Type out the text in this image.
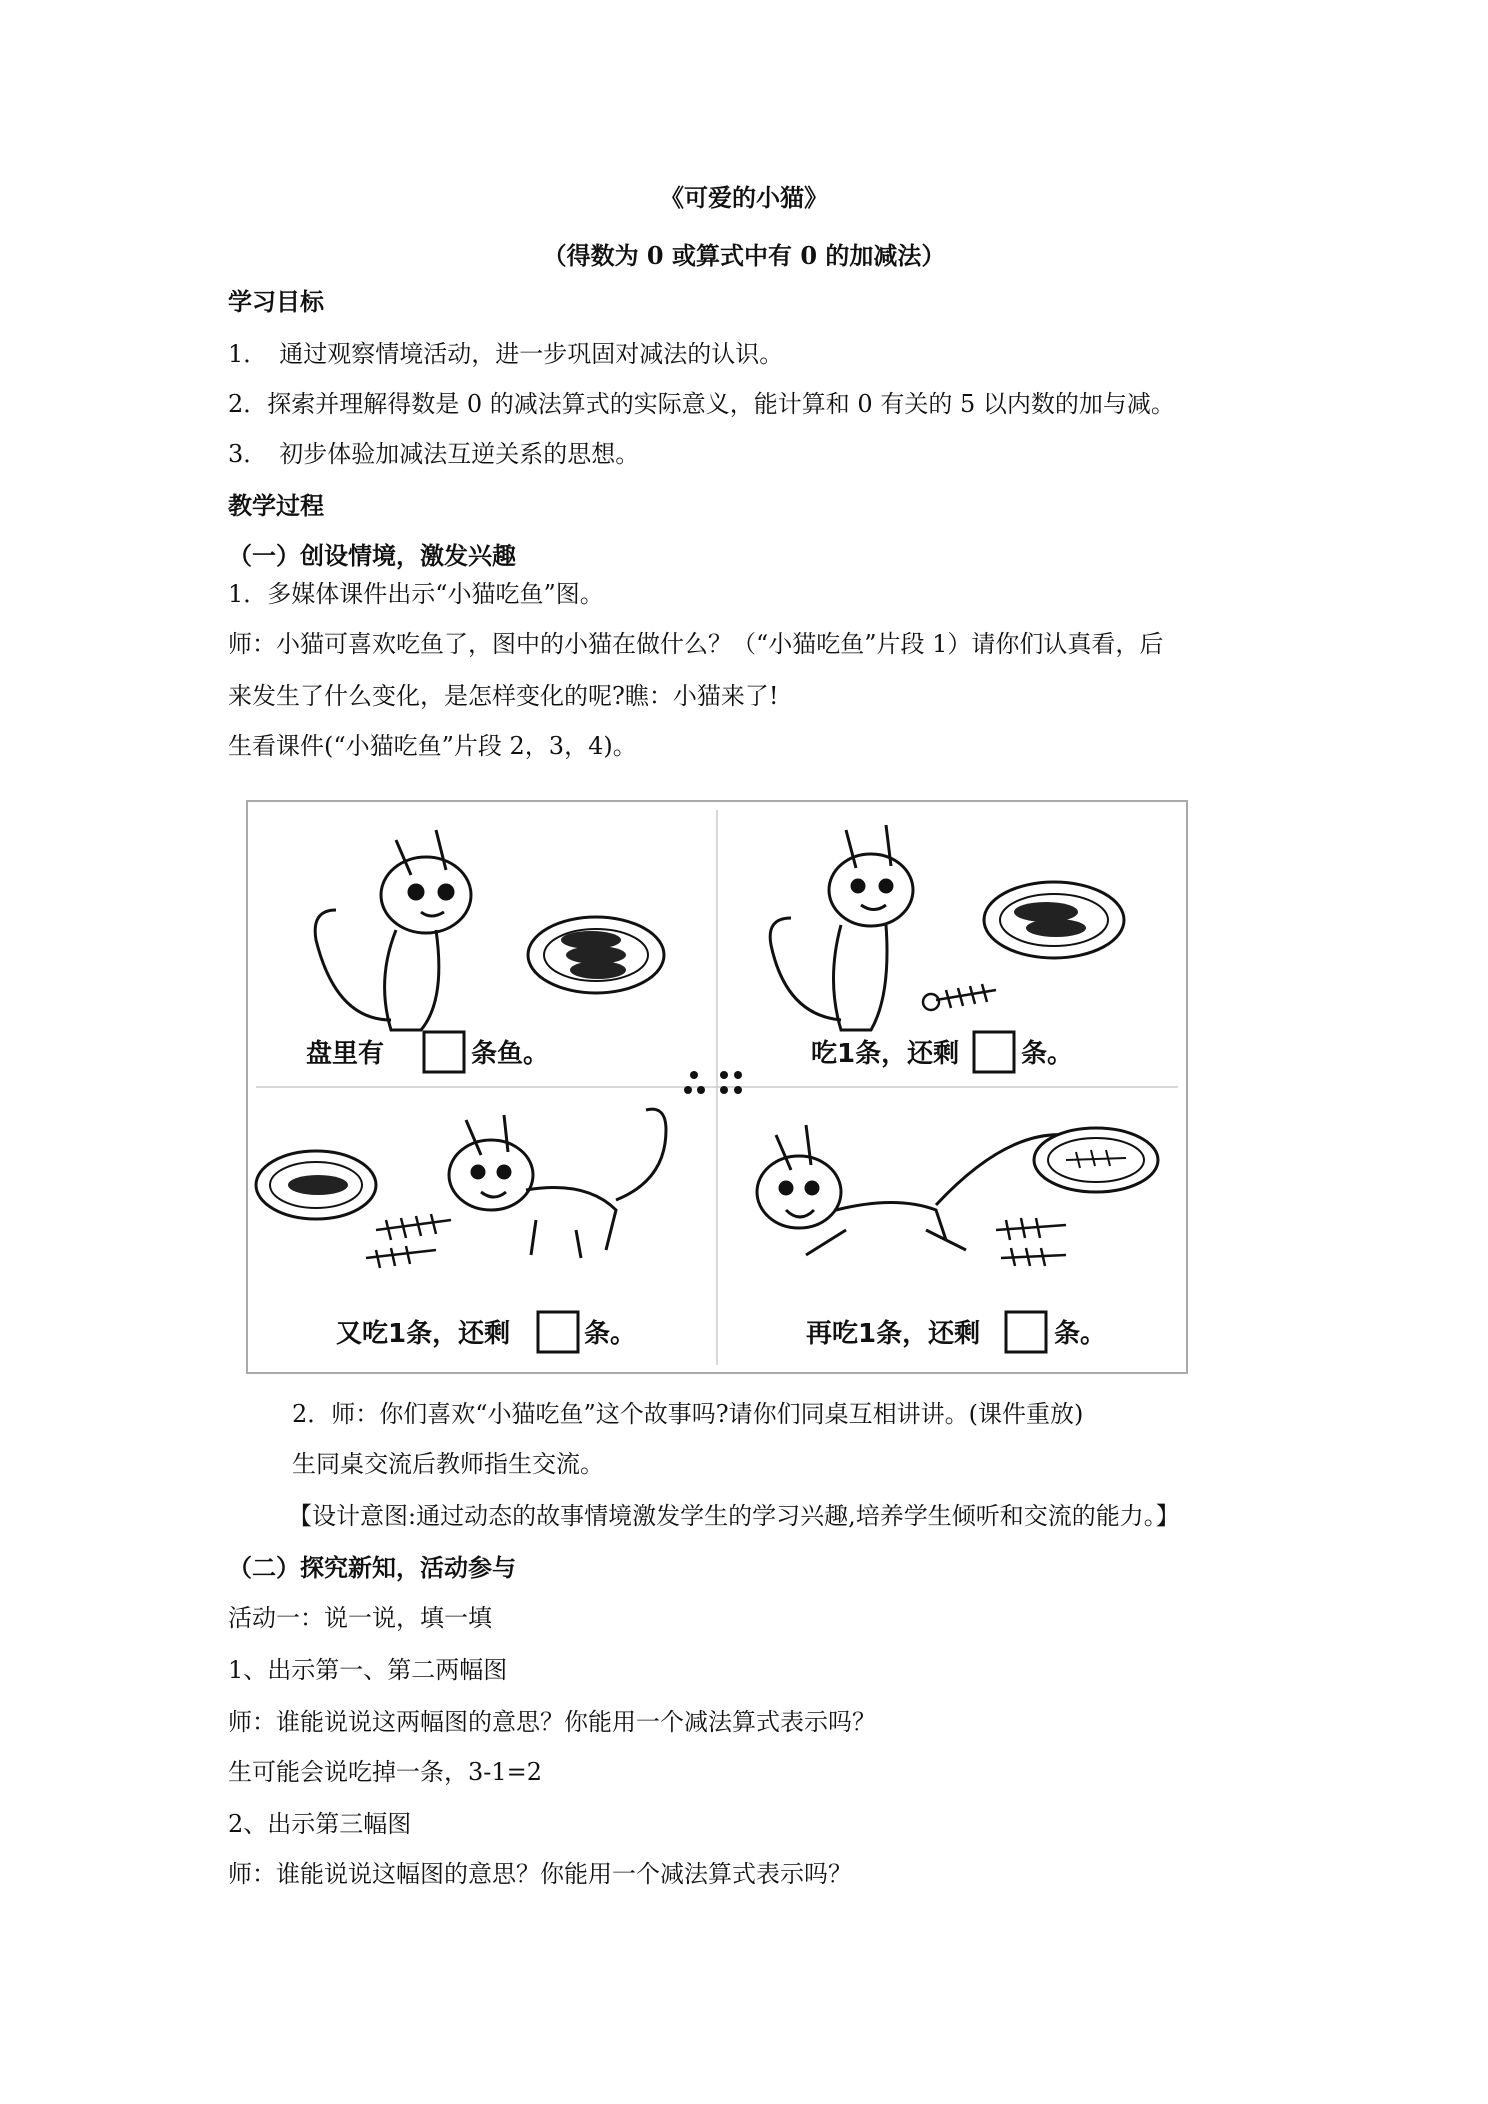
《可爱的小猫》
（得数为 0 或算式中有 0 的加减法）
学习目标
1．　通过观察情境活动，进一步巩固对减法的认识。
2．探索并理解得数是 0 的减法算式的实际意义，能计算和 0 有关的 5 以内数的加与减。
3．　初步体验加减法互逆关系的思想。
教学过程
（一）创设情境，激发兴趣
1．多媒体课件出示“小猫吃鱼”图。
师：小猫可喜欢吃鱼了，图中的小猫在做什么？（“小猫吃鱼”片段 1）请你们认真看，后
来发生了什么变化，是怎样变化的呢?瞧：小猫来了!
生看课件(“小猫吃鱼”片段 2，3，4)。
盘里有	条鱼。	吃1条，还剩 条。
又吃1条，还剩	条。	再吃1条，还剩	条。
2．师：你们喜欢“小猫吃鱼”这个故事吗?请你们同桌互相讲讲。(课件重放)
生同桌交流后教师指生交流。
【设计意图:通过动态的故事情境激发学生的学习兴趣,培养学生倾听和交流的能力。】
（二）探究新知，活动参与
活动一：说一说，填一填
1、出示第一、第二两幅图
师：谁能说说这两幅图的意思？你能用一个减法算式表示吗？
生可能会说吃掉一条，3-1=2
2、出示第三幅图
师：谁能说说这幅图的意思？你能用一个减法算式表示吗？
